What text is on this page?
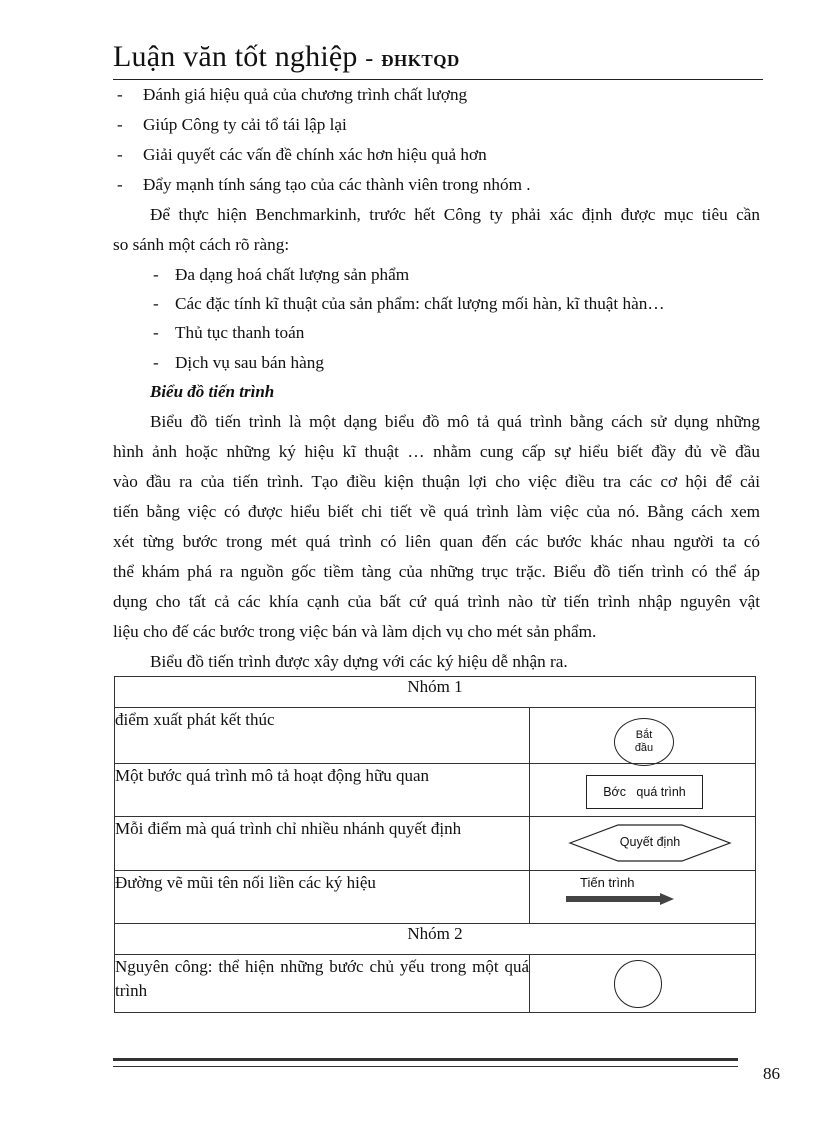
Luận văn tốt nghiệp - ĐHKTQD
- Đánh giá hiệu quả của chương trình chất lượng
- Giúp Công ty cải tổ tái lập lại
- Giải quyết các vấn đề chính xác hơn hiệu quả hơn
- Đẩy mạnh tính sáng tạo của các thành viên trong nhóm .
Để thực hiện Benchmarkinh, trước hết Công ty phải xác định được mục tiêu cần
so sánh một cách rõ ràng:
- Đa dạng hoá chất lượng sản phẩm
- Các đặc tính kĩ thuật của sản phẩm: chất lượng mối hàn, kĩ thuật hàn…
- Thủ tục thanh toán
- Dịch vụ sau bán hàng
Biểu đồ tiến trình
Biểu đồ tiến trình là một dạng biểu đồ mô tả quá trình bằng cách sử dụng những
hình ảnh hoặc những ký hiệu kĩ thuật … nhằm cung cấp sự hiểu biết đầy đủ về đầu
vào đầu ra của tiến trình. Tạo điều kiện thuận lợi cho việc điều tra các cơ hội để cải
tiến bằng việc có được hiểu biết chi tiết về quá trình làm việc của nó. Bằng cách xem
xét từng bước trong mét quá trình có liên quan đến các bước khác nhau người ta có
thể khám phá ra nguồn gốc tiềm tàng của những trục trặc. Biểu đồ tiến trình có thể áp
dụng cho tất cả các khía cạnh của bất cứ quá trình nào từ tiến trình nhập nguyên vật
liệu cho đế các bước trong việc bán và làm dịch vụ cho mét sản phẩm.
Biểu đồ tiến trình được xây dựng với các ký hiệu dễ nhận ra.
Nhóm 1	
điểm xuất phát kết thúc	Bắt
đầu

Một bước quá trình mô tả hoạt động hữu quan	Bớc   quá trình

Mỗi điểm mà quá trình chỉ nhiều nhánh quyết định	Quyết định

Đường vẽ mũi tên nối liền các ký hiệu	Tiến trình

Nhóm 2	
Nguyên công: thể hiện những bước chủ yếu trong một quá trình	
86
